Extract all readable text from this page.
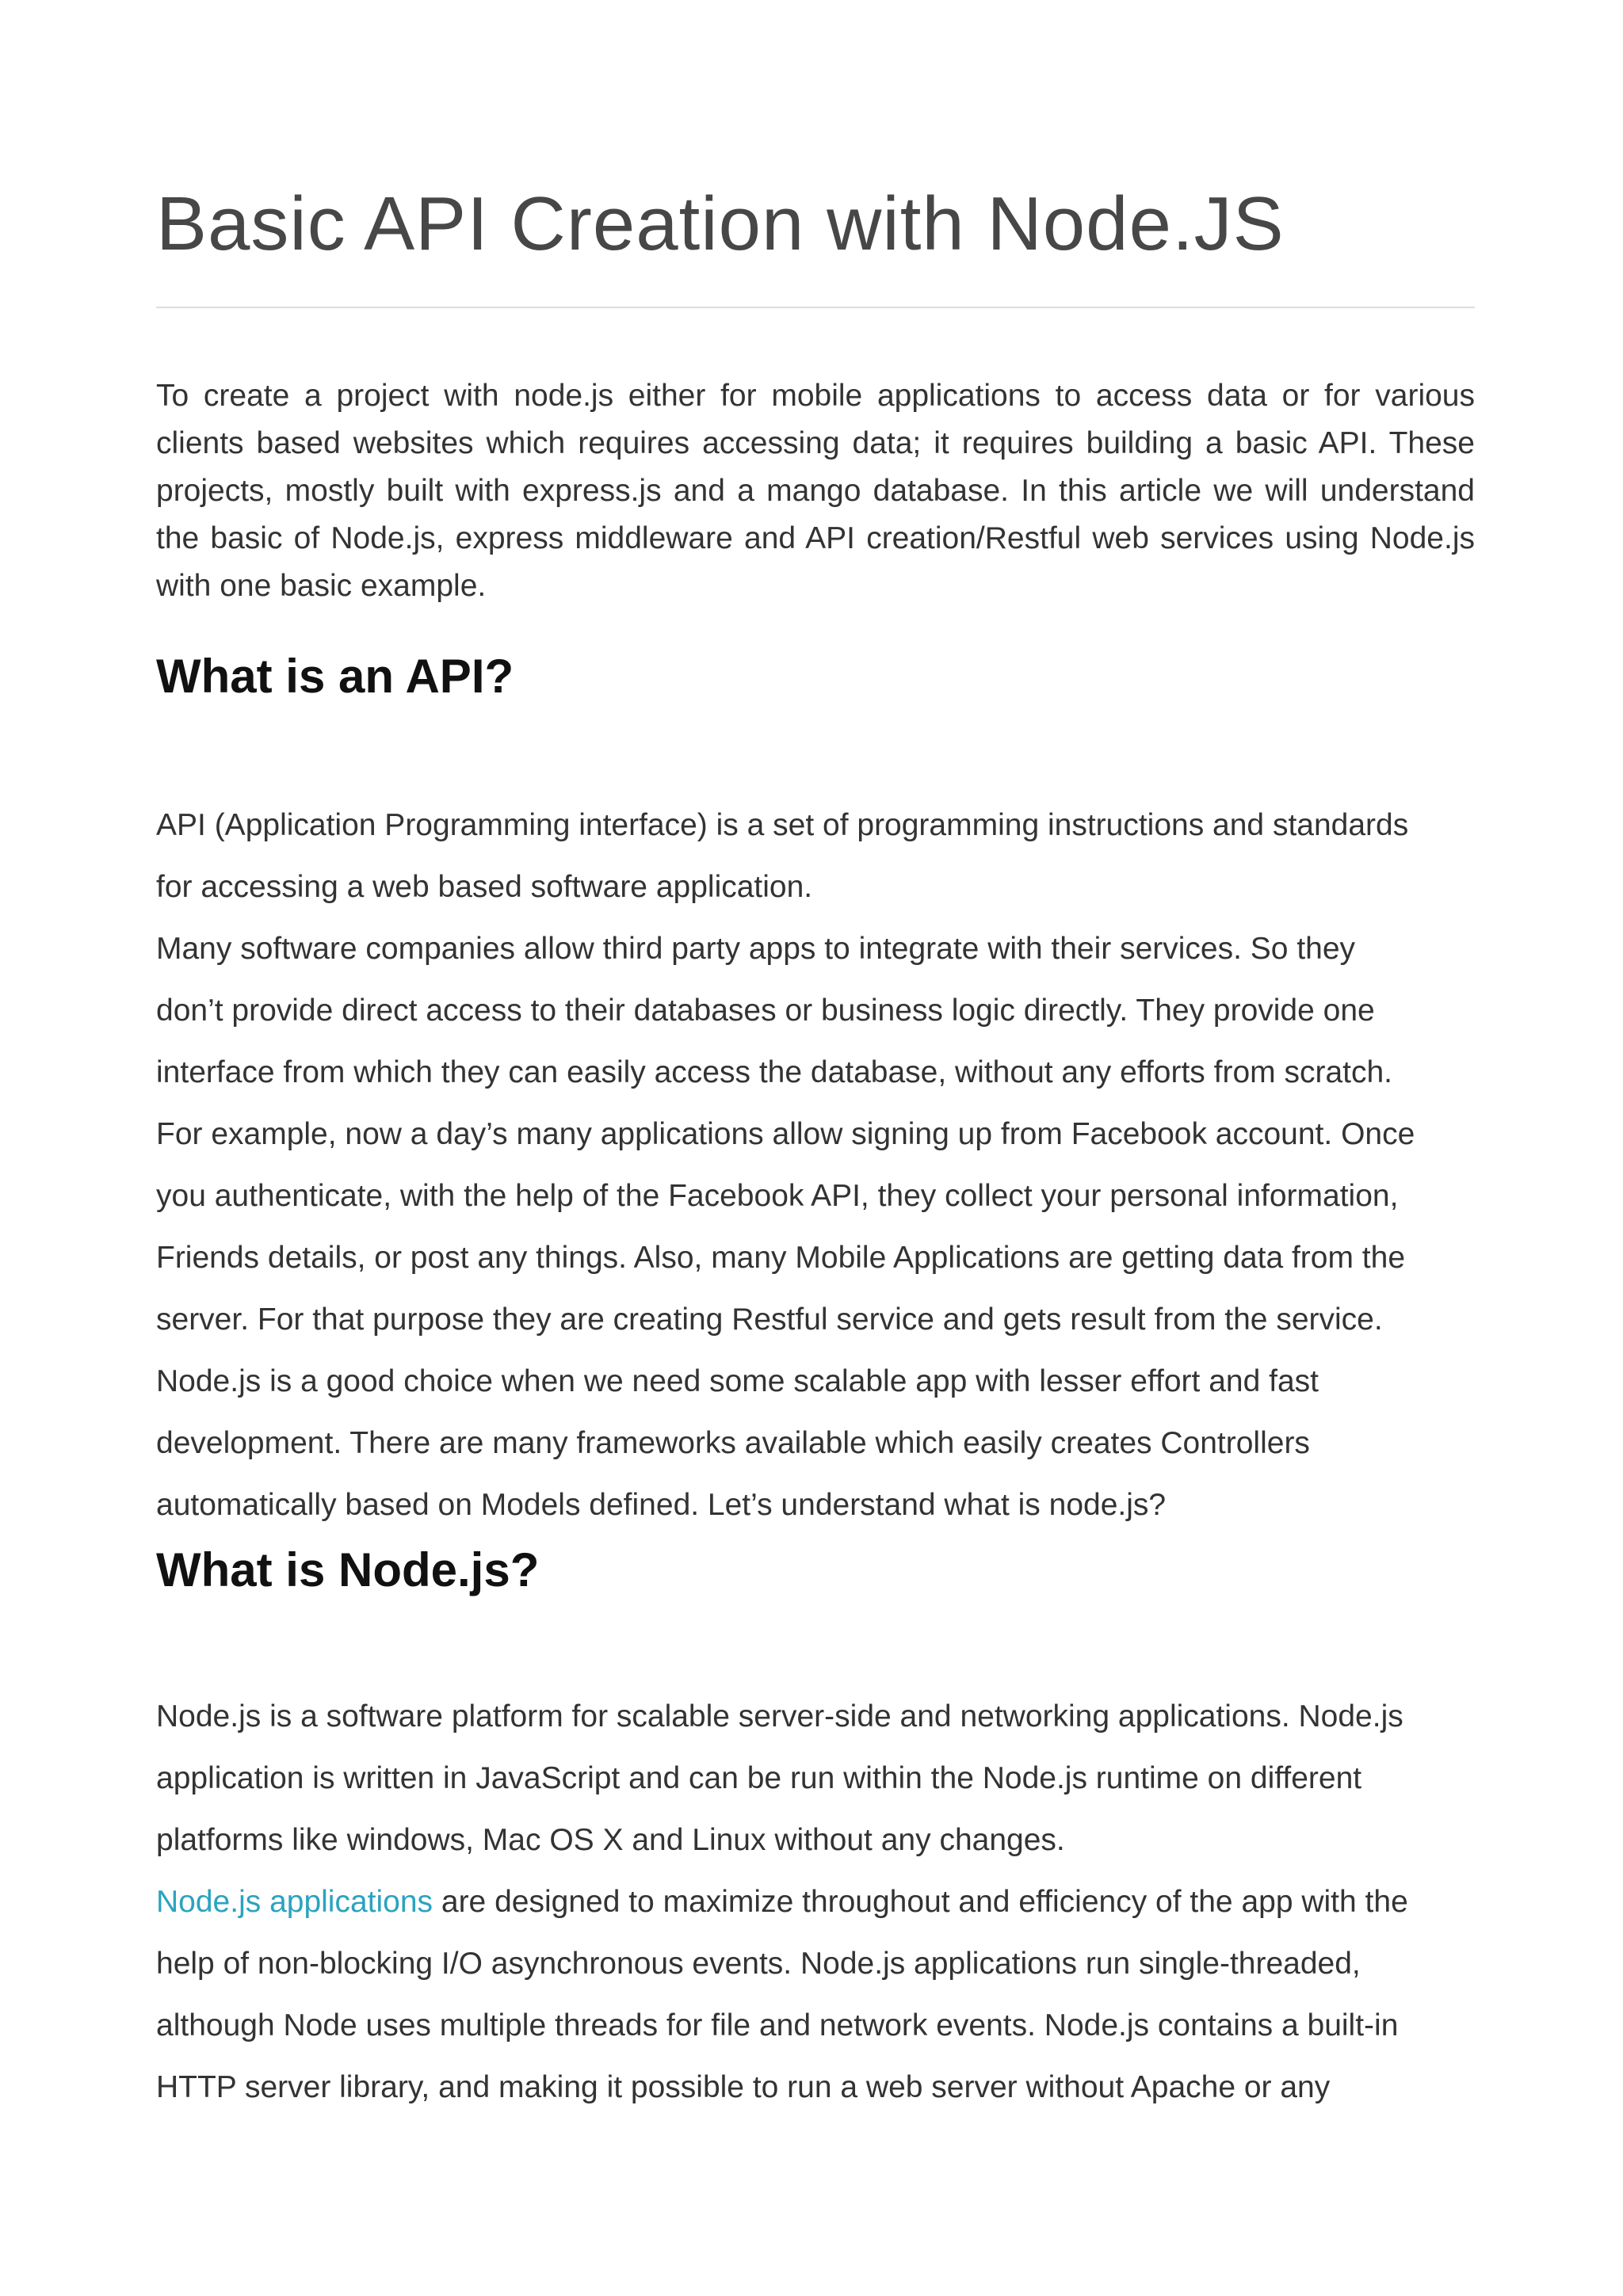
Basic API Creation with Node.JS

To create a project with node.js either for mobile applications to access data or for various clients based websites which requires accessing data; it requires building a basic API. These projects, mostly built with express.js and a mango database. In this article we will understand the basic of Node.js, express middleware and API creation/Restful web services using Node.js with one basic example.

What is an API?
API (Application Programming interface) is a set of programming instructions and standards
for accessing a web based software application.
Many software companies allow third party apps to integrate with their services. So they
don’t provide direct access to their databases or business logic directly. They provide one
interface from which they can easily access the database, without any efforts from scratch.
For example, now a day’s many applications allow signing up from Facebook account. Once
you authenticate, with the help of the Facebook API, they collect your personal information,
Friends details, or post any things. Also, many Mobile Applications are getting data from the
server. For that purpose they are creating Restful service and gets result from the service.
Node.js is a good choice when we need some scalable app with lesser effort and fast
development. There are many frameworks available which easily creates Controllers
automatically based on Models defined. Let’s understand what is node.js?
What is Node.js?
Node.js is a software platform for scalable server-side and networking applications. Node.js
application is written in JavaScript and can be run within the Node.js runtime on different
platforms like windows, Mac OS X and Linux without any changes.
Node.js applications are designed to maximize throughout and efficiency of the app with the
help of non-blocking I/O asynchronous events. Node.js applications run single-threaded,
although Node uses multiple threads for file and network events. Node.js contains a built-in
HTTP server library, and making it possible to run a web server without Apache or any
